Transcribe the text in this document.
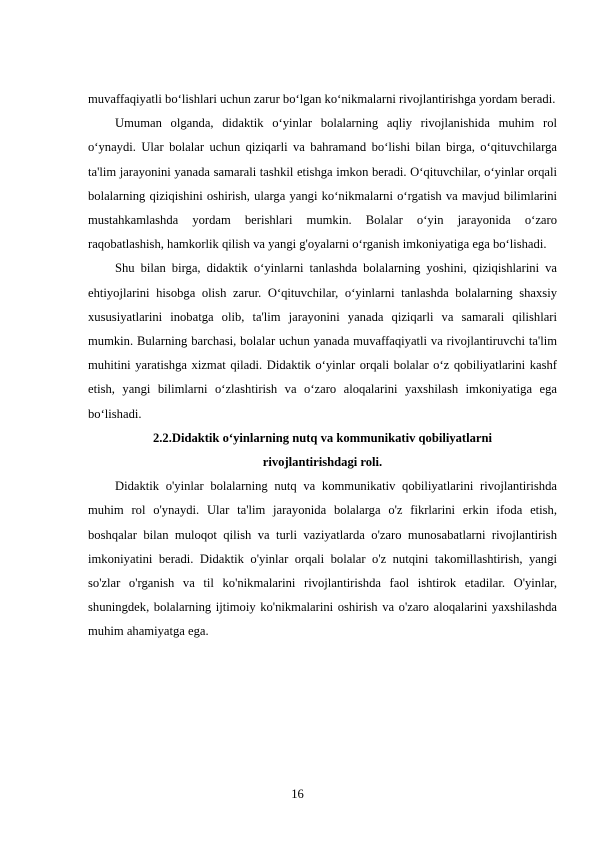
muvaffaqiyatli bo‘lishlari uchun zarur bo‘lgan ko‘nikmalarni rivojlantirishga yordam beradi.

Umuman olganda, didaktik o‘yinlar bolalarning aqliy rivojlanishida muhim rol o‘ynaydi. Ular bolalar uchun qiziqarli va bahramand bo‘lishi bilan birga, o‘qituvchilarga ta'lim jarayonini yanada samarali tashkil etishga imkon beradi. O‘qituvchilar, o‘yinlar orqali bolalarning qiziqishini oshirish, ularga yangi ko‘nikmalarni o‘rgatish va mavjud bilimlarini mustahkamlashda yordam berishlari mumkin. Bolalar o‘yin jarayonida o‘zaro raqobatlashish, hamkorlik qilish va yangi g'oyalarni o‘rganish imkoniyatiga ega bo‘lishadi.

Shu bilan birga, didaktik o‘yinlarni tanlashda bolalarning yoshini, qiziqishlarini va ehtiyojlarini hisobga olish zarur. O‘qituvchilar, o‘yinlarni tanlashda bolalarning shaxsiy xususiyatlarini inobatga olib, ta'lim jarayonini yanada qiziqarli va samarali qilishlari mumkin. Bularning barchasi, bolalar uchun yanada muvaffaqiyatli va rivojlantiruvchi ta'lim muhitini yaratishga xizmat qiladi. Didaktik o‘yinlar orqali bolalar o‘z qobiliyatlarini kashf etish, yangi bilimlarni o‘zlashtirish va o‘zaro aloqalarini yaxshilash imkoniyatiga ega bo‘lishadi.

2.2.Didaktik o‘yinlarning nutq va kommunikativ qobiliyatlarni rivojlantirishdagi roli.

Didaktik o'yinlar bolalarning nutq va kommunikativ qobiliyatlarini rivojlantirishda muhim rol o'ynaydi. Ular ta'lim jarayonida bolalarga o'z fikrlarini erkin ifoda etish, boshqalar bilan muloqot qilish va turli vaziyatlarda o'zaro munosabatlarni rivojlantirish imkoniyatini beradi. Didaktik o'yinlar orqali bolalar o'z nutqini takomillashtirish, yangi so'zlar o'rganish va til ko'nikmalarini rivojlantirishda faol ishtirok etadilar. O'yinlar, shuningdek, bolalarning ijtimoiy ko'nikmalarini oshirish va o'zaro aloqalarini yaxshilashda muhim ahamiyatga ega.

16
